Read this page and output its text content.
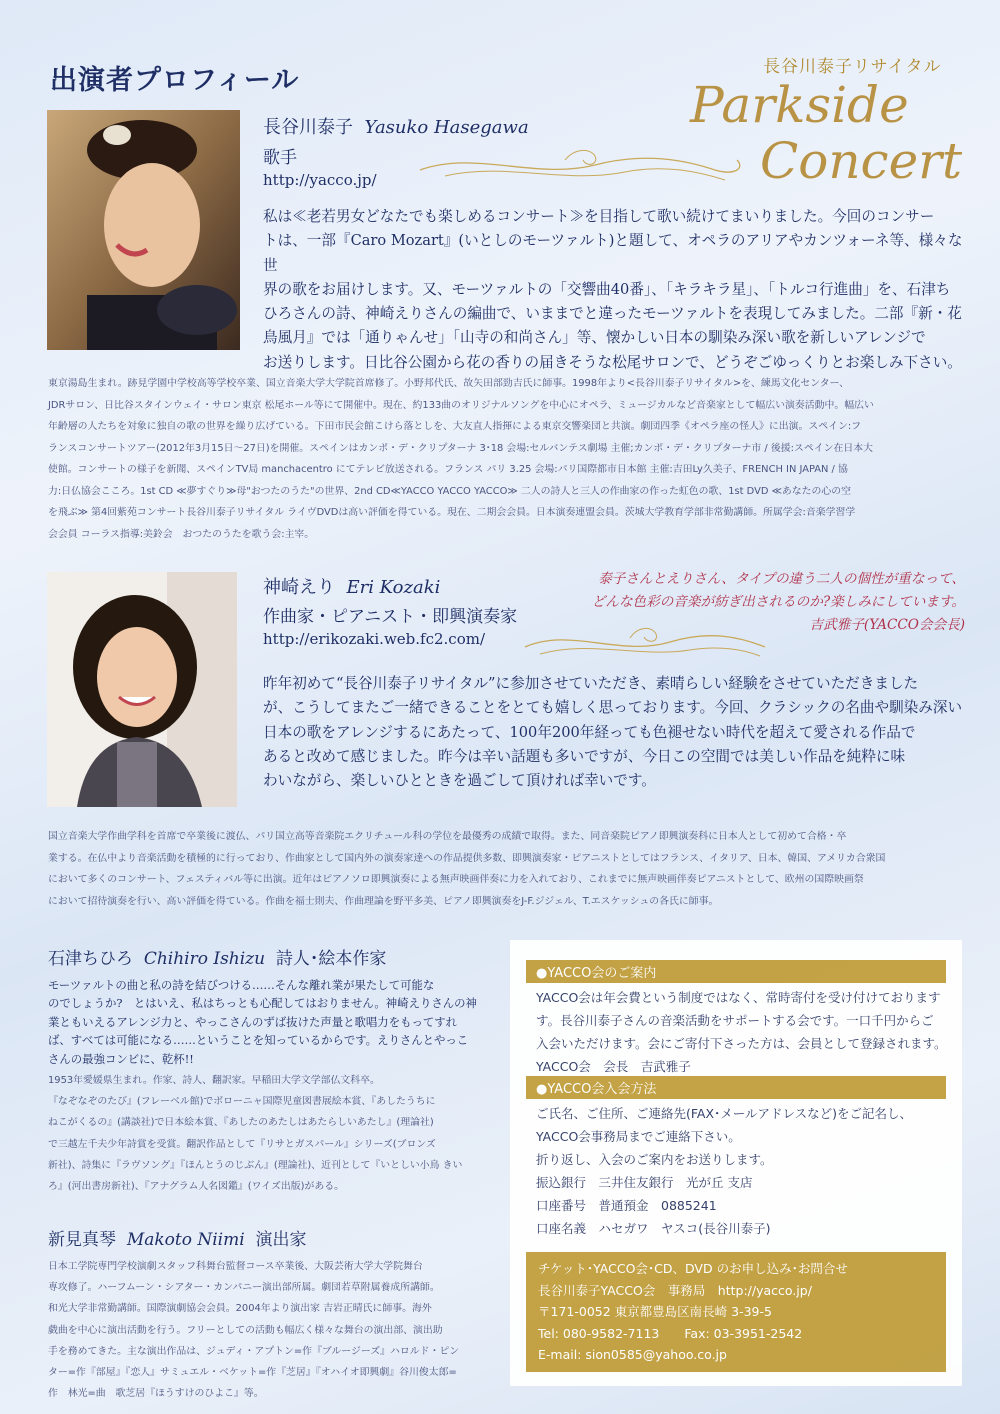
出演者プロフィール	長谷川泰子リサイタル
Parkside
Concert
長谷川泰子 Yasuko Hasegawa
歌手
http://yacco.jp/
私は≪老若男女どなたでも楽しめるコンサート≫を目指して歌い続けてまいりました。今回のコンサー
トは、一部『Caro Mozart』(いとしのモーツァルト)と題して、オペラのアリアやカンツォーネ等、様々な世
界の歌をお届けします。又、モーツァルトの「交響曲40番」、「キラキラ星」、「トルコ行進曲」を、石津ち
ひろさんの詩、神崎えりさんの編曲で、いままでと違ったモーツァルトを表現してみました。二部『新・花
鳥風月』では「通りゃんせ」「山寺の和尚さん」等、懐かしい日本の馴染み深い歌を新しいアレンジで
お送りします。日比谷公園から花の香りの届きそうな松尾サロンで、どうぞごゆっくりとお楽しみ下さい。
東京湯島生まれ。跡見学園中学校高等学校卒業、国立音楽大学大学院首席修了。小野邦代氏、故矢田部勁吉氏に師事。1998年より<長谷川泰子リサイタル>を、練馬文化センター、
JDRサロン、日比谷スタインウェイ・サロン東京 松尾ホール等にて開催中。現在、約133曲のオリジナルソングを中心にオペラ、ミュージカルなど音楽家として幅広い演奏活動中。幅広い
年齢層の人たちを対象に独自の歌の世界を繰り広げている。下田市民会館こけら落としを、大友直人指揮による東京交響楽団と共演。劇団四季《オペラ座の怪人》に出演。スペイン:フ
ランスコンサートツアー(2012年3月15日〜27日)を開催。スペインはカンポ・デ・クリプターナ 3･18 会場:セルバンテス劇場 主催;カンポ・デ・クリプターナ市 / 後援:スペイン在日本大
使館。コンサートの様子を新聞、スペインTV局 manchacentro にてテレビ放送される。フランス パリ 3.25 会場:パリ国際都市日本館 主催:吉田Ly久美子、FRENCH IN JAPAN / 協
力:日仏協会こころ。1st CD ≪夢すぐり≫母"おつたのうた"の世界、2nd CD≪YACCO YACCO YACCO≫ 二人の詩人と三人の作曲家の作った虹色の歌、1st DVD ≪あなたの心の空
を飛ぶ≫ 第4回紫苑コンサート長谷川泰子リサイタル ライヴDVDは高い評価を得ている。現在、二期会会員。日本演奏連盟会員。茨城大学教育学部非常勤講師。所属学会:音楽学習学
会会員 コーラス指導:美鈴会　おつたのうたを歌う会:主宰。
神崎えり Eri Kozaki
作曲家・ピアニスト・即興演奏家
http://erikozaki.web.fc2.com/
泰子さんとえりさん、タイプの違う二人の個性が重なって、
どんな色彩の音楽が紡ぎ出されるのか?楽しみにしています。
吉武雅子(YACCO会会長)
昨年初めて“長谷川泰子リサイタル”に参加させていただき、素晴らしい経験をさせていただきました
が、こうしてまたご一緒できることをとても嬉しく思っております。今回、クラシックの名曲や馴染み深い
日本の歌をアレンジするにあたって、100年200年経っても色褪せない時代を超えて愛される作品で
あると改めて感じました。昨今は辛い話題も多いですが、今日この空間では美しい作品を純粋に味
わいながら、楽しいひとときを過ごして頂ければ幸いです。
国立音楽大学作曲学科を首席で卒業後に渡仏、パリ国立高等音楽院エクリチュール科の学位を最優秀の成績で取得。また、同音楽院ピアノ即興演奏科に日本人として初めて合格・卒
業する。在仏中より音楽活動を積極的に行っており、作曲家として国内外の演奏家達への作品提供多数、即興演奏家・ピアニストとしてはフランス、イタリア、日本、韓国、アメリカ合衆国
において多くのコンサート、フェスティバル等に出演。近年はピアノソロ即興演奏による無声映画伴奏に力を入れており、これまでに無声映画伴奏ピアニストとして、欧州の国際映画祭
において招待演奏を行い、高い評価を得ている。作曲を福士則夫、作曲理論を野平多美、ピアノ即興演奏をJ-F.ジジェル、T.エスケッシュの各氏に師事。
石津ちひろ Chihiro Ishizu 詩人･絵本作家
モーツァルトの曲と私の詩を結びつける……そんな離れ業が果たして可能な
のでしょうか?　とはいえ、私はちっとも心配してはおりません。神崎えりさんの神
業ともいえるアレンジ力と、やっこさんのずば抜けた声量と歌唱力をもってすれ
ば、すべては可能になる……ということを知っているからです。えりさんとやっこ
さんの最強コンビに、乾杯!!
1953年愛媛県生まれ。作家、詩人、翻訳家。早稲田大学文学部仏文科卒。
『なぞなぞのたび』(フレーベル館)でボローニャ国際児童図書展絵本賞、『あしたうちに
ねこがくるの』(講談社)で日本絵本賞、『あしたのあたしはあたらしいあたし』(理論社)
で三越左千夫少年詩賞を受賞。翻訳作品として『リサとガスパール』シリーズ(ブロンズ
新社)、詩集に『ラヴソング』『ほんとうのじぶん』(理論社)、近刊として『いとしい小鳥 きい
ろ』(河出書房新社)、『アナグラム人名図鑑』(ワイズ出版)がある。
新見真琴 Makoto Niimi 演出家
日本工学院専門学校演劇スタッフ科舞台監督コース卒業後、大阪芸術大学大学院舞台
専攻修了。ハーフムーン・シアター・カンパニー演出部所属。劇団若草附属養成所講師。
和光大学非常勤講師。国際演劇協会会員。2004年より演出家 吉岩正晴氏に師事。海外
戯曲を中心に演出活動を行う。フリーとしての活動も幅広く様々な舞台の演出部、演出助
手を務めてきた。主な演出作品は、ジュディ・アプトン=作『ブルージーズ』ハロルド・ピン
ター=作『部屋』『恋人』サミュエル・ベケット=作『芝居』『オハイオ即興劇』谷川俊太郎=
作　林光=曲　歌芝居『ほうすけのひよこ』等。
●YACCO会のご案内
YACCO会は年会費という制度ではなく、常時寄付を受け付けております
す。長谷川泰子さんの音楽活動をサポートする会です。一口千円からご
入会いただけます。会にご寄付下さった方は、会員として登録されます。
YACCO会　会長　吉武雅子
●YACCO会入会方法
ご氏名、ご住所、ご連絡先(FAX･メールアドレスなど)をご記名し、
YACCO会事務局までご連絡下さい。
折り返し、入会のご案内をお送りします。
振込銀行　三井住友銀行　光が丘 支店
口座番号　普通預金　0885241
口座名義　ハセガワ　ヤスコ(長谷川泰子)
チケット･YACCO会･CD、DVD のお申し込み･お問合せ
長谷川泰子YACCO会　事務局　http://yacco.jp/
〒171-0052 東京都豊島区南長崎 3-39-5
Tel: 080-9582-7113　　Fax: 03-3951-2542
E-mail: sion0585@yahoo.co.jp
